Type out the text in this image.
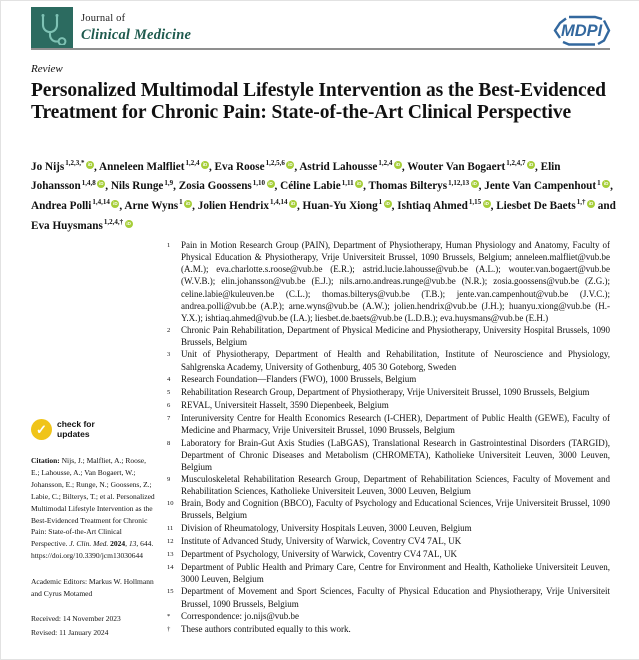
Journal of
Clinical Medicine	MDPI
Review
Personalized Multimodal Lifestyle Intervention as the Best-Evidenced Treatment for Chronic Pain: State-of-the-Art Clinical Perspective
Jo Nijs$^{1,2,3,*}$ iD , Anneleen Malfliet$^{1,2,4}$ iD , Eva Roose$^{1,2,5,6}$ iD , Astrid Lahousse$^{1,2,4}$ iD , Wouter Van Bogaert$^{1,2,4,7}$ iD , Elin Johansson$^{1,4,8}$ iD , Nils Runge$^{1,9}$, Zosia Goossens$^{1,10}$ iD , Céline Labie$^{1,11}$ iD , Thomas Bilterys$^{1,12,13}$ iD , Jente Van Campenhout$^1$ iD , Andrea Polli$^{1,4,14}$ iD , Arne Wyns$^1$ iD , Jolien Hendrix$^{1,4,14}$ iD , Huan-Yu Xiong$^1$ iD , Ishtiaq Ahmed$^{1,15}$ iD , Liesbet De Baets$^{1,\dagger}$ iD and Eva Huysmans$^{1,2,4,\dagger}$ iD
✓	check for
updates
Citation: Nijs, J.; Malfliet, A.; Roose, E.; Lahousse, A.; Van Bogaert, W.; Johansson, E.; Runge, N.; Goossens, Z.; Labie, C.; Bilterys, T.; et al. Personalized Multimodal Lifestyle Intervention as the Best-Evidenced Treatment for Chronic Pain: State-of-the-Art Clinical Perspective. J. Clin. Med. 2024, 13, 644. https://doi.org/10.3390/jcm13030644
Academic Editors: Markus W. Hollmann and Cyrus Motamed
Received: 14 November 2023
Revised: 11 January 2024
1	Pain in Motion Research Group (PAIN), Department of Physiotherapy, Human Physiology and Anatomy, Faculty of Physical Education & Physiotherapy, Vrije Universiteit Brussel, 1090 Brussels, Belgium; anneleen.malfliet@vub.be (A.M.); eva.charlotte.s.roose@vub.be (E.R.); astrid.lucie.lahousse@vub.be (A.L.); wouter.van.bogaert@vub.be (W.V.B.); elin.johansson@vub.be (E.J.); nils.arno.andreas.runge@vub.be (N.R.); zosia.goossens@vub.be (Z.G.); celine.labie@kuleuven.be (C.L.); thomas.bilterys@vub.be (T.B.); jente.van.campenhout@vub.be (J.V.C.); andrea.polli@vub.be (A.P.); arne.wyns@vub.be (A.W.); jolien.hendrix@vub.be (J.H.); huanyu.xiong@vub.be (H.-Y.X.); ishtiaq.ahmed@vub.be (I.A.); liesbet.de.baets@vub.be (L.D.B.); eva.huysmans@vub.be (E.H.)
2	Chronic Pain Rehabilitation, Department of Physical Medicine and Physiotherapy, University Hospital Brussels, 1090 Brussels, Belgium
3	Unit of Physiotherapy, Department of Health and Rehabilitation, Institute of Neuroscience and Physiology, Sahlgrenska Academy, University of Gothenburg, 405 30 Goteborg, Sweden
4	Research Foundation—Flanders (FWO), 1000 Brussels, Belgium
5	Rehabilitation Research Group, Department of Physiotherapy, Vrije Universiteit Brussel, 1090 Brussels, Belgium
6	REVAL, Universiteit Hasselt, 3590 Diepenbeek, Belgium
7	Interuniversity Centre for Health Economics Research (I-CHER), Department of Public Health (GEWE), Faculty of Medicine and Pharmacy, Vrije Universiteit Brussel, 1090 Brussels, Belgium
8	Laboratory for Brain-Gut Axis Studies (LaBGAS), Translational Research in Gastrointestinal Disorders (TARGID), Department of Chronic Diseases and Metabolism (CHROMETA), Katholieke Universiteit Leuven, 3000 Leuven, Belgium
9	Musculoskeletal Rehabilitation Research Group, Department of Rehabilitation Sciences, Faculty of Movement and Rehabilitation Sciences, Katholieke Universiteit Leuven, 3000 Leuven, Belgium
10 Brain, Body and Cognition (BBCO), Faculty of Psychology and Educational Sciences, Vrije Universiteit Brussel, 1090 Brussels, Belgium
11 Division of Rheumatology, University Hospitals Leuven, 3000 Leuven, Belgium
12 Institute of Advanced Study, University of Warwick, Coventry CV4 7AL, UK
13 Department of Psychology, University of Warwick, Coventry CV4 7AL, UK
14 Department of Public Health and Primary Care, Centre for Environment and Health, Katholieke Universiteit Leuven, 3000 Leuven, Belgium
15 Department of Movement and Sport Sciences, Faculty of Physical Education and Physiotherapy, Vrije Universiteit Brussel, 1090 Brussels, Belgium
*	Correspondence: jo.nijs@vub.be
†	These authors contributed equally to this work.
